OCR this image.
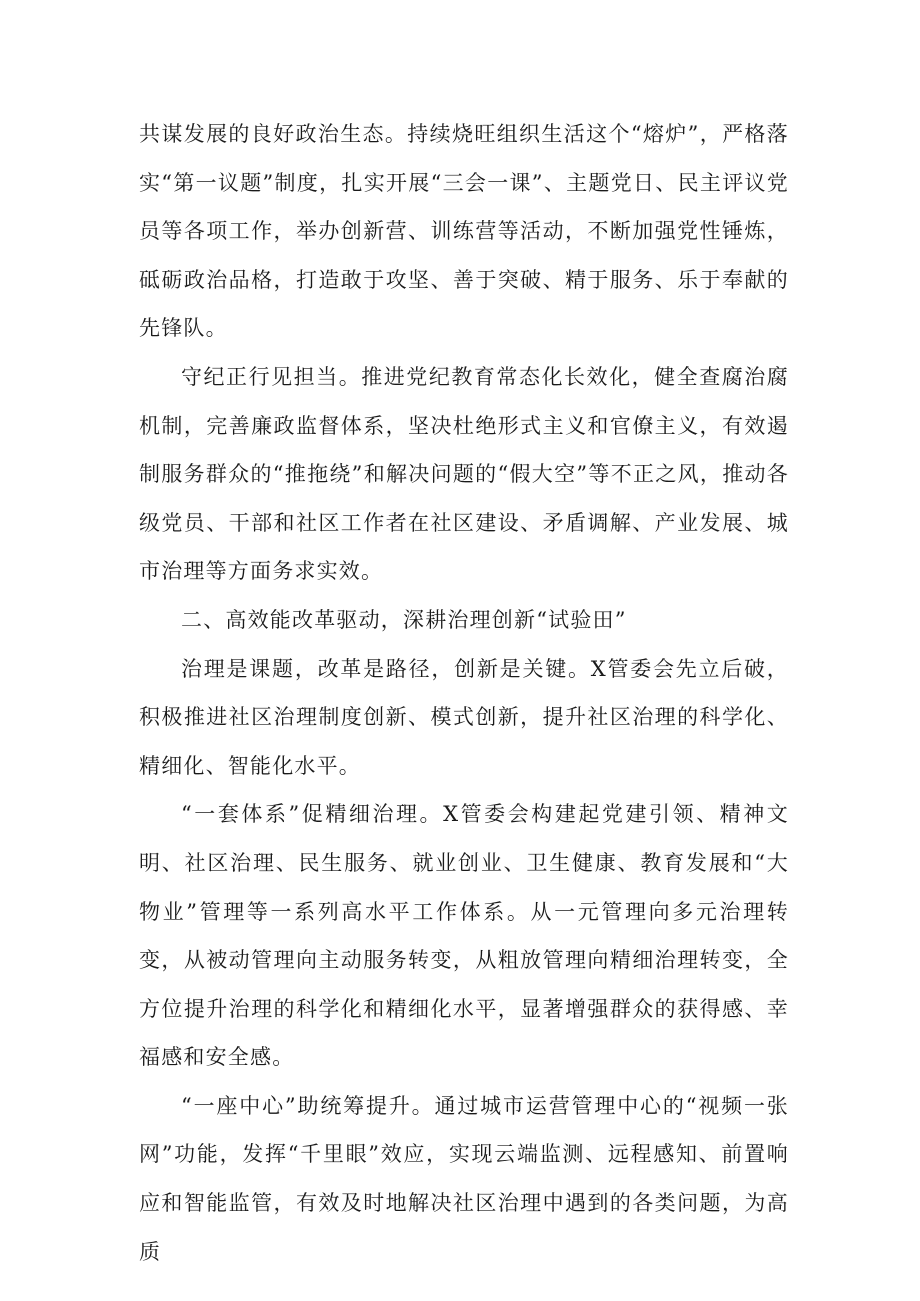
共谋发展的良好政治生态。持续烧旺组织生活这个“熔炉”，严格落实“第一议题”制度，扎实开展“三会一课”、主题党日、民主评议党员等各项工作，举办创新营、训练营等活动，不断加强党性锤炼，砥砺政治品格，打造敢于攻坚、善于突破、精于服务、乐于奉献的先锋队。

守纪正行见担当。推进党纪教育常态化长效化，健全查腐治腐机制，完善廉政监督体系，坚决杜绝形式主义和官僚主义，有效遏制服务群众的“推拖绕”和解决问题的“假大空”等不正之风，推动各级党员、干部和社区工作者在社区建设、矛盾调解、产业发展、城市治理等方面务求实效。

二、高效能改革驱动，深耕治理创新“试验田”

治理是课题，改革是路径，创新是关键。X管委会先立后破，积极推进社区治理制度创新、模式创新，提升社区治理的科学化、精细化、智能化水平。

“一套体系”促精细治理。X管委会构建起党建引领、精神文明、社区治理、民生服务、就业创业、卫生健康、教育发展和“大物业”管理等一系列高水平工作体系。从一元管理向多元治理转变，从被动管理向主动服务转变，从粗放管理向精细治理转变，全方位提升治理的科学化和精细化水平，显著增强群众的获得感、幸福感和安全感。

“一座中心”助统筹提升。通过城市运营管理中心的“视频一张网”功能，发挥“千里眼”效应，实现云端监测、远程感知、前置响应和智能监管，有效及时地解决社区治理中遇到的各类问题，为高质
